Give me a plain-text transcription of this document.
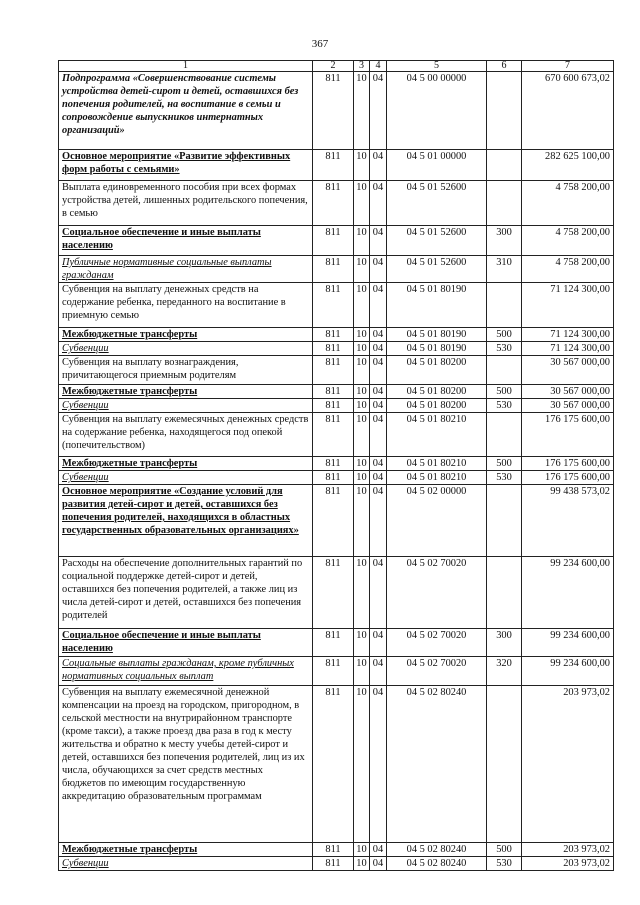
367
1	2	3	4	5	6	7
Подпрограмма «Совершенствование системы устройства детей-сирот и детей, оставшихся без попечения родителей, на воспитание в семьи и сопровождение выпускников интернатных организаций»	811	10	04	04 5 00 00000		670 600 673,02
Основное мероприятие «Развитие эффективных форм работы с семьями»	811	10	04	04 5 01 00000		282 625 100,00
Выплата единовременного пособия при всех формах устройства детей, лишенных родительского попечения, в семью	811	10	04	04 5 01 52600		4 758 200,00
Социальное обеспечение и иные выплаты населению	811	10	04	04 5 01 52600	300	4 758 200,00
Публичные нормативные социальные выплаты гражданам	811	10	04	04 5 01 52600	310	4 758 200,00
Субвенция на выплату денежных средств на содержание ребенка, переданного на воспитание в приемную семью	811	10	04	04 5 01 80190		71 124 300,00
Межбюджетные трансферты	811	10	04	04 5 01 80190	500	71 124 300,00
Субвенции	811	10	04	04 5 01 80190	530	71 124 300,00
Субвенция на выплату вознаграждения, причитающегося приемным родителям	811	10	04	04 5 01 80200		30 567 000,00
Межбюджетные трансферты	811	10	04	04 5 01 80200	500	30 567 000,00
Субвенции	811	10	04	04 5 01 80200	530	30 567 000,00
Субвенция на выплату ежемесячных денежных средств на содержание ребенка, находящегося под опекой (попечительством)	811	10	04	04 5 01 80210		176 175 600,00
Межбюджетные трансферты	811	10	04	04 5 01 80210	500	176 175 600,00
Субвенции	811	10	04	04 5 01 80210	530	176 175 600,00
Основное мероприятие «Создание условий для развития детей-сирот и детей, оставшихся без попечения родителей, находящихся в областных государственных образовательных организациях»	811	10	04	04 5 02 00000		99 438 573,02
Расходы на обеспечение дополнительных гарантий по социальной поддержке детей-сирот и детей, оставшихся без попечения родителей, а также лиц из числа детей-сирот и детей, оставшихся без попечения родителей	811	10	04	04 5 02 70020		99 234 600,00
Социальное обеспечение и иные выплаты населению	811	10	04	04 5 02 70020	300	99 234 600,00
Социальные выплаты гражданам, кроме публичных нормативных социальных выплат	811	10	04	04 5 02 70020	320	99 234 600,00
Субвенция на выплату ежемесячной денежной компенсации на проезд на городском, пригородном, в сельской местности на внутрирайонном транспорте (кроме такси), а также проезд два раза в год к месту жительства и обратно к месту учебы детей-сирот и детей, оставшихся без попечения родителей, лиц из их числа, обучающихся за счет средств местных бюджетов по имеющим государственную аккредитацию образовательным программам	811	10	04	04 5 02 80240		203 973,02
Межбюджетные трансферты	811	10	04	04 5 02 80240	500	203 973,02
Субвенции	811	10	04	04 5 02 80240	530	203 973,02
